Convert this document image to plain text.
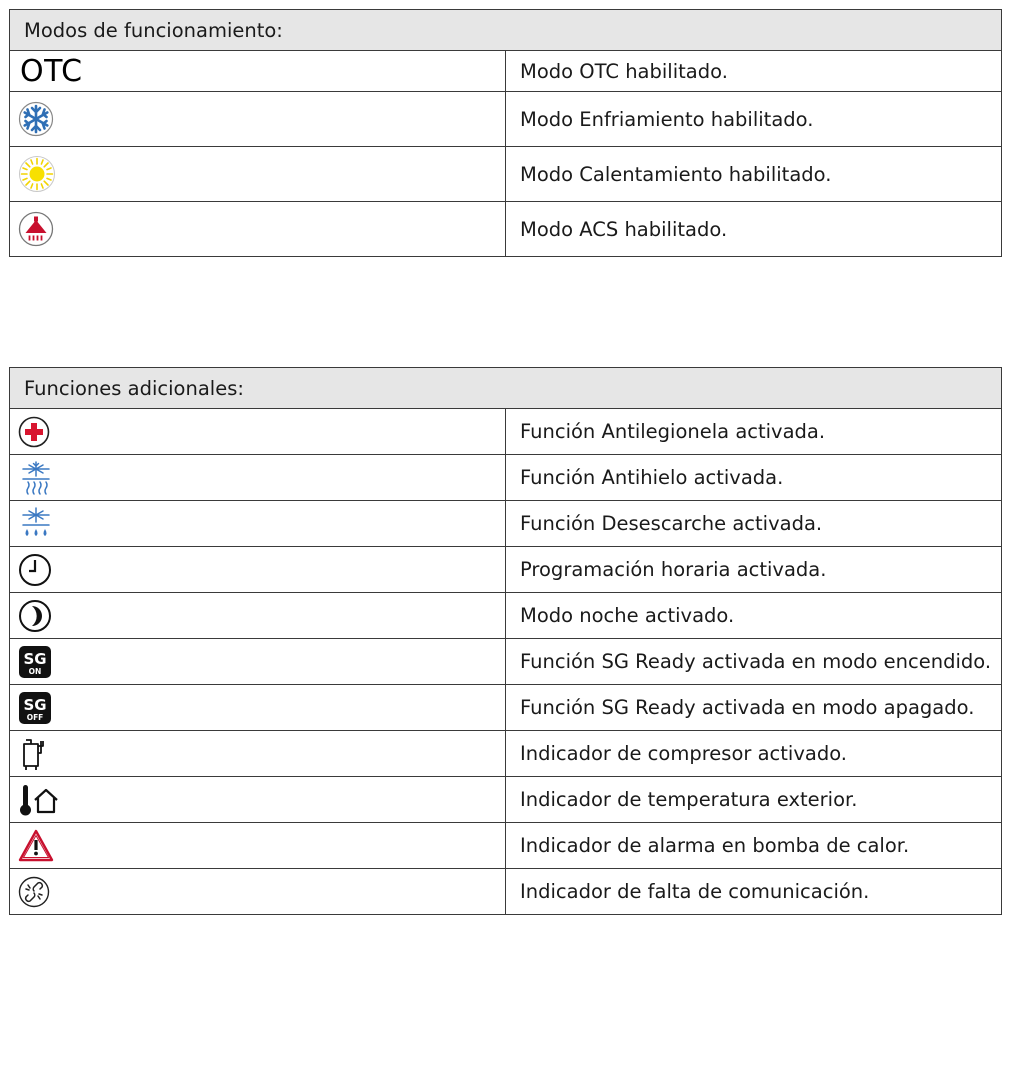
Modos de funcionamiento:	
OTC	Modo OTC habilitado.

	Modo Enfriamiento habilitado.

	Modo Calentamiento habilitado.

	Modo ACS habilitado.
Funciones adicionales:	

	Función Antilegionela activada.

	Función Antihielo activada.

	Función Desescarche activada.

	Programación horaria activada.

	Modo noche activado.

SG
ON	Función SG Ready activada en modo encendido.

SG
OFF	Función SG Ready activada en modo apagado.

	Indicador de compresor activado.

	Indicador de temperatura exterior.

	Indicador de alarma en bomba de calor.

	Indicador de falta de comunicación.
